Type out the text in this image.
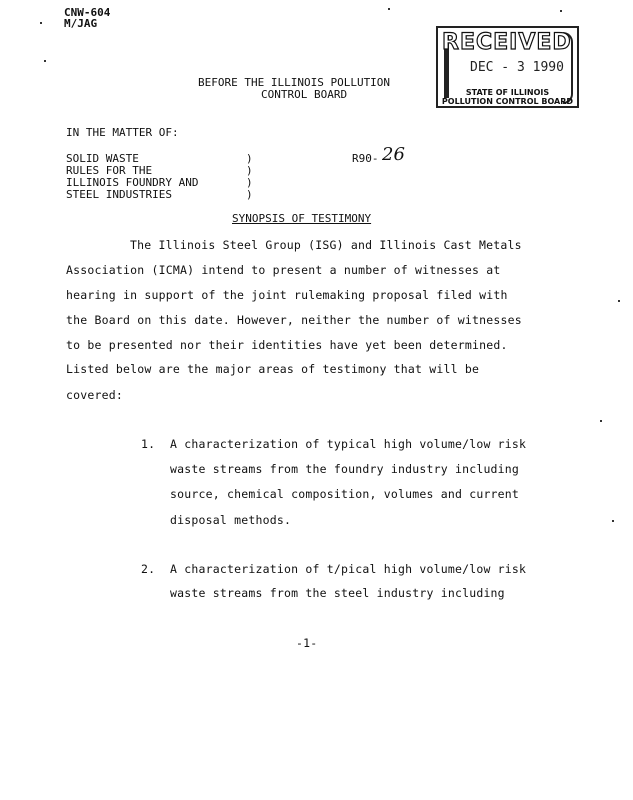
CNW-604
M/JAG
RECEIVED
DEC - 3 1990
STATE OF ILLINOIS
POLLUTION CONTROL BOARD
BEFORE THE ILLINOIS POLLUTION
CONTROL BOARD
IN THE MATTER OF:
SOLID WASTE
RULES FOR THE
ILLINOIS FOUNDRY AND
STEEL INDUSTRIES
)
)
)
)
R90- 26
SYNOPSIS OF TESTIMONY
The Illinois Steel Group (ISG) and Illinois Cast Metals
Association (ICMA) intend to present a number of witnesses at
hearing in support of the joint rulemaking proposal filed with
the Board on this date. However, neither the number of witnesses
to be presented nor their identities have yet been determined.
Listed below are the major areas of testimony that will be
covered:
1. A characterization of typical high volume/low risk
waste streams from the foundry industry including
source, chemical composition, volumes and current
disposal methods.
2. A characterization of t/pical high volume/low risk
waste streams from the steel industry including
-1-
